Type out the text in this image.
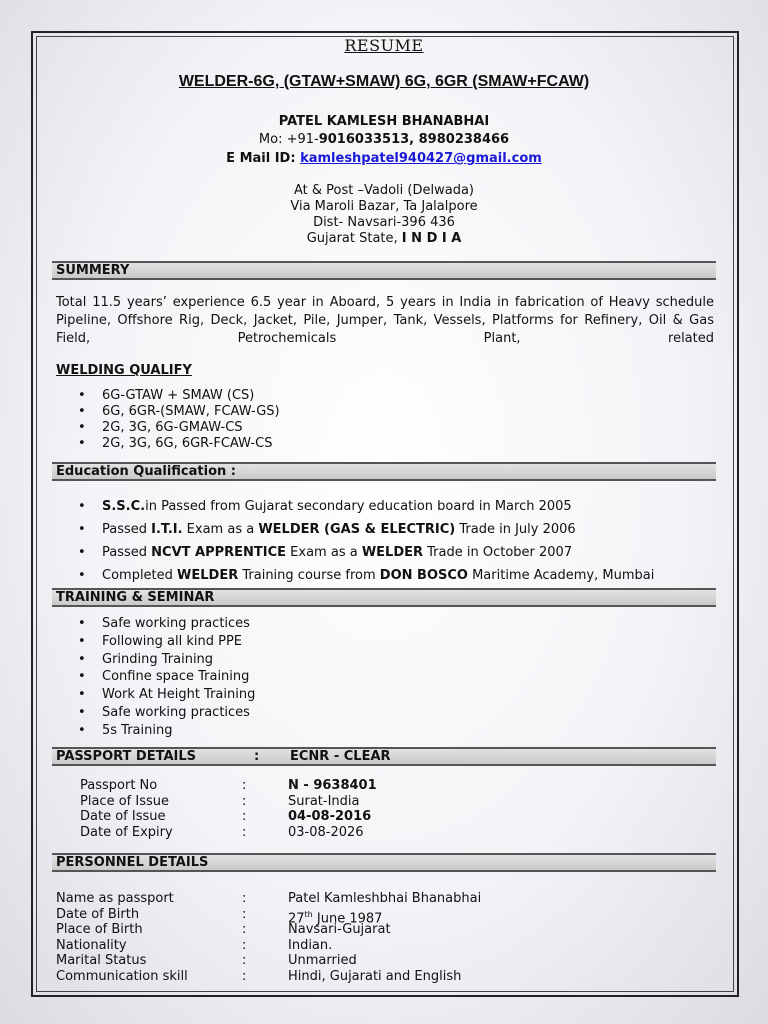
RESUME
WELDER-6G, (GTAW+SMAW) 6G, 6GR (SMAW+FCAW)
PATEL KAMLESH BHANABHAI
Mo: +91-9016033513, 8980238466
E Mail ID: kamleshpatel940427@gmail.com
At & Post –Vadoli (Delwada)
Via Maroli Bazar, Ta Jalalpore
Dist- Navsari-396 436
Gujarat State, I N D I A
SUMMERY
Total 11.5 years’ experience 6.5 year in Aboard, 5 years in India in fabrication of Heavy schedule Pipeline, Offshore Rig, Deck, Jacket, Pile, Jumper, Tank, Vessels, Platforms for Refinery, Oil & Gas Field, Petrochemicals Plant, related
WELDING QUALIFY
• 6G-GTAW + SMAW (CS)
• 6G, 6GR-(SMAW, FCAW-GS)
• 2G, 3G, 6G-GMAW-CS
• 2G, 3G, 6G, 6GR-FCAW-CS
Education Qualification :
• S.S.C.in Passed from Gujarat secondary education board in March 2005
• Passed I.T.I. Exam as a WELDER (GAS & ELECTRIC) Trade in July 2006
• Passed NCVT APPRENTICE Exam as a WELDER Trade in October 2007
• Completed WELDER Training course from DON BOSCO Maritime Academy, Mumbai
TRAINING & SEMINAR
• Safe working practices
• Following all kind PPE
• Grinding Training
• Confine space Training
• Work At Height Training
• Safe working practices
• 5s Training
PASSPORT DETAILS	: ECNR - CLEAR
Passport No	:	N - 9638401
Place of Issue	:	Surat-India
Date of Issue	:	04-08-2016
Date of Expiry	:	03-08-2026
PERSONNEL DETAILS
Name as passport	:	Patel Kamleshbhai Bhanabhai
Date of Birth	:	27th June 1987
Place of Birth	:	Navsari-Gujarat
Nationality	:	Indian.
Marital Status	:	Unmarried
Communication skill	:	Hindi, Gujarati and English
